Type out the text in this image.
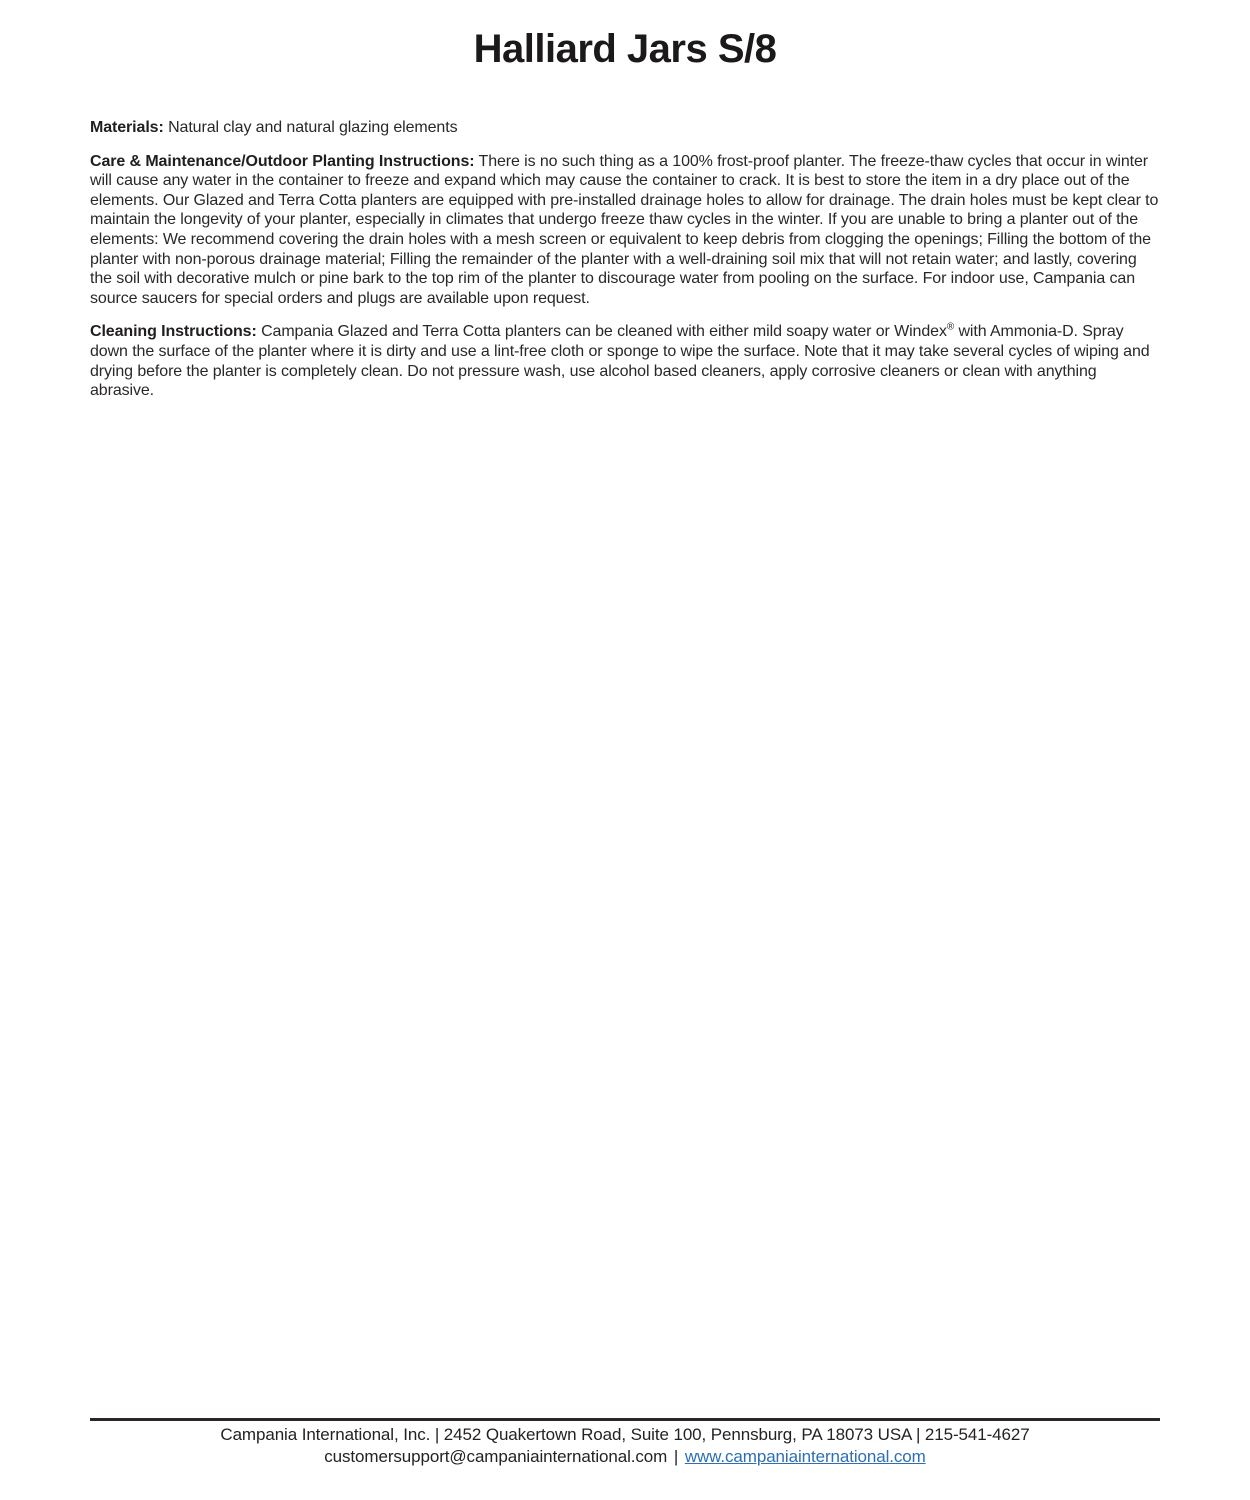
Halliard Jars S/8

Materials: Natural clay and natural glazing elements

Care & Maintenance/Outdoor Planting Instructions: There is no such thing as a 100% frost-proof planter. The freeze-thaw cycles that occur in winter will cause any water in the container to freeze and expand which may cause the container to crack. It is best to store the item in a dry place out of the elements. Our Glazed and Terra Cotta planters are equipped with pre-installed drainage holes to allow for drainage. The drain holes must be kept clear to maintain the longevity of your planter, especially in climates that undergo freeze thaw cycles in the winter. If you are unable to bring a planter out of the elements: We recommend covering the drain holes with a mesh screen or equivalent to keep debris from clogging the openings; Filling the bottom of the planter with non-porous drainage material; Filling the remainder of the planter with a well-draining soil mix that will not retain water; and lastly, covering the soil with decorative mulch or pine bark to the top rim of the planter to discourage water from pooling on the surface. For indoor use, Campania can source saucers for special orders and plugs are available upon request.

Cleaning Instructions: Campania Glazed and Terra Cotta planters can be cleaned with either mild soapy water or Windex® with Ammonia-D. Spray down the surface of the planter where it is dirty and use a lint-free cloth or sponge to wipe the surface. Note that it may take several cycles of wiping and drying before the planter is completely clean. Do not pressure wash, use alcohol based cleaners, apply corrosive cleaners or clean with anything abrasive.

Campania International, Inc. | 2452 Quakertown Road, Suite 100, Pennsburg, PA 18073 USA | 215-541-4627
customersupport@campaniainternational.com | www.campaniainternational.com
